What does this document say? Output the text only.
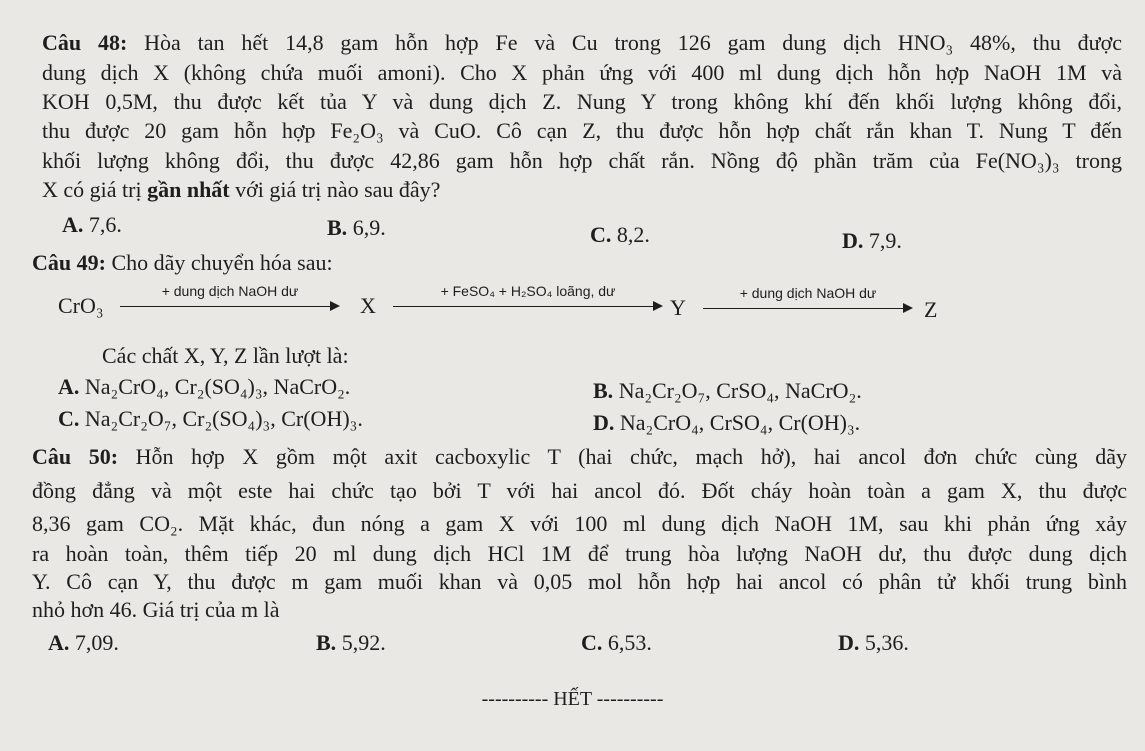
Câu 48: Hòa tan hết 14,8 gam hỗn hợp Fe và Cu trong 126 gam dung dịch HNO₃ 48%, thu được
dung dịch X (không chứa muối amoni). Cho X phản ứng với 400 ml dung dịch hỗn hợp NaOH 1M và
KOH 0,5M, thu được kết tủa Y và dung dịch Z. Nung Y trong không khí đến khối lượng không đổi,
thu được 20 gam hỗn hợp Fe₂O₃ và CuO. Cô cạn Z, thu được hỗn hợp chất rắn khan T. Nung T đến
khối lượng không đổi, thu được 42,86 gam hỗn hợp chất rắn. Nồng độ phần trăm của Fe(NO₃)₃ trong
X có giá trị gần nhất với giá trị nào sau đây?
A. 7,6.	B. 6,9.	C. 8,2.	D. 7,9.
Câu 49: Cho dãy chuyển hóa sau:
CrO₃
+ dung dịch NaOH dư
X
+ FeSO₄ + H₂SO₄ loãng, dư
Y
+ dung dịch NaOH dư
Z
Các chất X, Y, Z lần lượt là:
A. Na₂CrO₄, Cr₂(SO₄)₃, NaCrO₂.	B. Na₂Cr₂O₇, CrSO₄, NaCrO₂.
C. Na₂Cr₂O₇, Cr₂(SO₄)₃, Cr(OH)₃.	D. Na₂CrO₄, CrSO₄, Cr(OH)₃.
Câu 50: Hỗn hợp X gồm một axit cacboxylic T (hai chức, mạch hở), hai ancol đơn chức cùng dãy
đồng đẳng và một este hai chức tạo bởi T với hai ancol đó. Đốt cháy hoàn toàn a gam X, thu được
8,36 gam CO₂. Mặt khác, đun nóng a gam X với 100 ml dung dịch NaOH 1M, sau khi phản ứng xảy
ra hoàn toàn, thêm tiếp 20 ml dung dịch HCl 1M để trung hòa lượng NaOH dư, thu được dung dịch
Y. Cô cạn Y, thu được m gam muối khan và 0,05 mol hỗn hợp hai ancol có phân tử khối trung bình
nhỏ hơn 46. Giá trị của m là
A. 7,09.	B. 5,92.	C. 6,53.	D. 5,36.
---------- HẾT ----------
